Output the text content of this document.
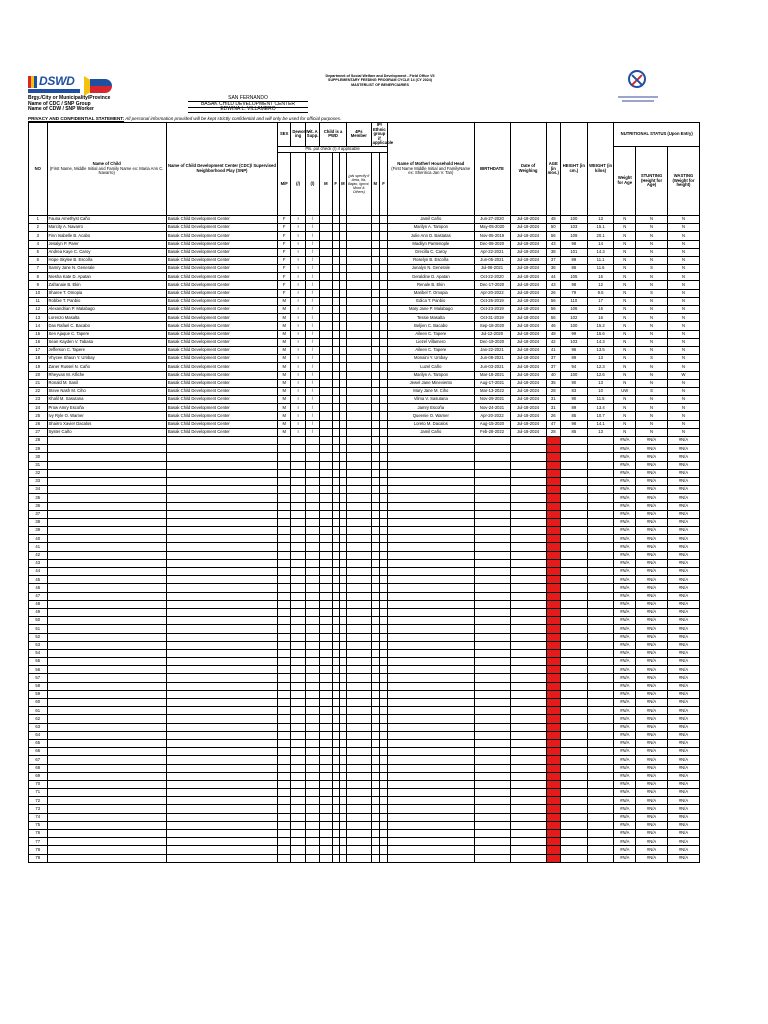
DSWD	Department of Social Welfare and Development - Field Office VII
SUPPLEMENTARY FEEDING PROGRAM CYCLE 14 (CY 2024)
MASTERLIST OF BENEFICIARIES
Brgy./City or Municipality/Province	SAN FERNANDO
Name of CDC / SNP Group	BASAK CHILD DEVELOPMENT CENTER
Name of CDW / SNP Worker	EDWINA L. VILLAMERO
PRIVACY AND CONFIDENTIAL STATEMENT: All personal information provided will be kept strictly confidential and will only be used for official purposes.
NO	Name of Child
(First Name, Middle Initial and Family Name ex: Maria Ann C. Navarro)	Name of Child Development Center (CDC)/ Supervised Neighborhood Play (SNP)	SEX	Deworm- ing	Vit. A Supp.	Child is a PWD			4Ps Member	IP/ Ethnic group if applicable		Name of Mother/ Household Head
(First Name Middle Initial and FamilyName ex: Sheririca Jan V. Tan)	BIRTHDATE	Date of Weighing	AGE (in mos.)	HEIGHT (in cm.)	WEIGHT (in kilos)	NUTRITIONAL STATUS (Upon Entry)		
			Pls. put check (/) if applicable															Weight for Age	STUNTING (Height for Age)	WASTING (Weight for height)
			M/F	(/)	(/)	M	F	M	(pls specify if Aeta, Ifa, Bajao, Igorot, Mord & Others)	M	F									
1	Fauna Amethyst Caño	Basak Child Development Center	F	I	/							Jamil Caño	Jun-27-2020	Jul-18-2024	48	100	13	N	N	N
2	Marcity A. Navarro	Basak Child Development Center	F	I	/							Marilyn A. Tampon	May-05-2020	Jul-18-2024	50	103	15.1	N	N	N
3	Finn Isabelle B. Acabo	Basak Child Development Center	F	I	/							Julie Ann D. Bastatas	Nov-05-2019	Jul-18-2024	56	109	20.1	N	N	N
4	Jesalyn P. Parer	Basak Child Development Center	F	I	/							Madilyn Pantenople	Dec-08-2020	Jul-18-2024	43	98	14	N	N	N
5	Andrea Kaye C. Caroy	Basak Child Development Center	F	I	/							Grecilla C. Caroy	Apr-22-2021	Jul-18-2024	38	101	14.3	N	N	N
6	Hope Skylee B. Escoña	Basak Child Development Center	F	I	/							Roselyn B. Escoña	Jun-05-2021	Jul-18-2024	37	89	11.1	N	N	N
7	Samry Jane N. Generale	Basak Child Development Center	F	I	/							Junalyn N. Generale	Jul-08-2021	Jul-18-2024	36	86	11.6	N	S	N
8	Niesha Kate D. Apatan	Basak Child Development Center	F	I	/							Geraldine D. Apatan	Oct-22-2020	Jul-18-2024	44	105	15	N	N	N
9	Zafranaie B. Ekin	Basak Child Development Center	F	I	/							Renale B. Ekin	Dec-17-2020	Jul-18-2024	43	98	12	N	N	N
10	Sharee T. Omopia	Basak Child Development Center	F	I	/							Maribel T. Omopia	Apr-20-2022	Jul-18-2024	26	79	9.5	N	S	N
11	Robbie T. Panbio	Basak Child Development Center	M	I	/							Edica T. Panbio	Oct-26-2019	Jul-18-2024	56	110	17	N	N	N
12	Alexandrian P. Malabago	Basak Child Development Center	M	I	/							Mary Jane P. Malabago	Oct-23-2019	Jul-18-2024	56	106	15	N	N	N
13	Lorenzo Masalta	Basak Child Development Center	M	I	/							Tessie Masalta	Oct-31-2019	Jul-18-2024	56	102	16	N	N	N
14	Dax Rafael C. Bacabo	Basak Child Development Center	M	I	/							Beljien C. Bacabo	Sep-18-2020	Jul-18-2024	46	100	15.2	N	N	N
15	Sen Ajaque C. Tapere	Basak Child Development Center	M	I	/							Aileen C. Tapere	Jul-12-2020	Jul-18-2024	48	99	15.6	N	N	N
16	Sean Kayden V. Tabasa	Basak Child Development Center	M	I	/							Liezel Villamero	Dec-19-2020	Jul-18-2024	42	103	14.3	N	N	N
17	Jefferson C. Tapere	Basak Child Development Center	M	I	/							Aileen C. Tapere	Jan-22-2021	Jul-18-2024	41	96	13.5	N	N	N
18	Vhycee Shaun Y. Umbay	Basak Child Development Center	M	I	/							Monaini Y. Umbay	Jun-08-2021	Jul-18-2024	37	89	13	N	S	N
19	Zaner Russel N. Caño	Basak Child Development Center	M	I	/							Luzel Caño	Jun-03-2021	Jul-18-2024	37	94	12.3	N	N	N
20	Rheyvan M. Alfiche	Basak Child Development Center	M	I	/							Marilyn A. Tampon	Mar-18-2021	Jul-18-2024	40	100	12.6	N	N	W
21	Ronald M. Sasil	Basak Child Development Center	M	I	/							Jewel Jane Mineviento	Aug-17-2021	Jul-18-2024	35	90	13	N	N	N
22	Steve Nash M. Ciho	Basak Child Development Center	M	I	/							Mary Jane M. Ciho	Mar-13-2022	Jul-18-2024	28	83	10	UW	S	N
23	Khalil M. Sasutana	Basak Child Development Center	M	I	/							Vilma V. Sasutana	Nov-29-2021	Jul-18-2024	31	90	11.5	N	N	N
24	Prow Amry Escoña	Basak Child Development Center	M	I	/							Jamry Escoña	Nov-24-2021	Jul-18-2024	31	89	13.4	N	N	N
25	Ivy Ryle O. Warner	Basak Child Development Center	M	I	/							Queenie O. Warner	Apr-20-2022	Jul-18-2024	26	85	10.7	N	N	N
26	Shairro Xavier Dacalos	Basak Child Development Center	M	I	/							Loreto M. Dacalos	Aug-15-2020	Jul-18-2024	47	98	14.1	N	N	N
27	Syster Caño	Basak Child Development Center	M	I	/							Jamil Caño	Feb-28-2022	Jul-18-2024	28	85	13	N	N	N
28																		#N/A	#N/A	#N/A
29																		#N/A	#N/A	#N/A
30																		#N/A	#N/A	#N/A
31																		#N/A	#N/A	#N/A
32																		#N/A	#N/A	#N/A
33																		#N/A	#N/A	#N/A
34																		#N/A	#N/A	#N/A
35																		#N/A	#N/A	#N/A
36																		#N/A	#N/A	#N/A
37																		#N/A	#N/A	#N/A
38																		#N/A	#N/A	#N/A
39																		#N/A	#N/A	#N/A
40																		#N/A	#N/A	#N/A
41																		#N/A	#N/A	#N/A
42																		#N/A	#N/A	#N/A
43																		#N/A	#N/A	#N/A
44																		#N/A	#N/A	#N/A
45																		#N/A	#N/A	#N/A
46																		#N/A	#N/A	#N/A
47																		#N/A	#N/A	#N/A
48																		#N/A	#N/A	#N/A
49																		#N/A	#N/A	#N/A
50																		#N/A	#N/A	#N/A
51																		#N/A	#N/A	#N/A
52																		#N/A	#N/A	#N/A
53																		#N/A	#N/A	#N/A
54																		#N/A	#N/A	#N/A
55																		#N/A	#N/A	#N/A
56																		#N/A	#N/A	#N/A
57																		#N/A	#N/A	#N/A
58																		#N/A	#N/A	#N/A
59																		#N/A	#N/A	#N/A
60																		#N/A	#N/A	#N/A
61																		#N/A	#N/A	#N/A
62																		#N/A	#N/A	#N/A
63																		#N/A	#N/A	#N/A
64																		#N/A	#N/A	#N/A
65																		#N/A	#N/A	#N/A
66																		#N/A	#N/A	#N/A
67																		#N/A	#N/A	#N/A
68																		#N/A	#N/A	#N/A
69																		#N/A	#N/A	#N/A
70																		#N/A	#N/A	#N/A
71																		#N/A	#N/A	#N/A
72																		#N/A	#N/A	#N/A
73																		#N/A	#N/A	#N/A
74																		#N/A	#N/A	#N/A
75																		#N/A	#N/A	#N/A
76																		#N/A	#N/A	#N/A
77																		#N/A	#N/A	#N/A
78																		#N/A	#N/A	#N/A
79																		#N/A	#N/A	#N/A
